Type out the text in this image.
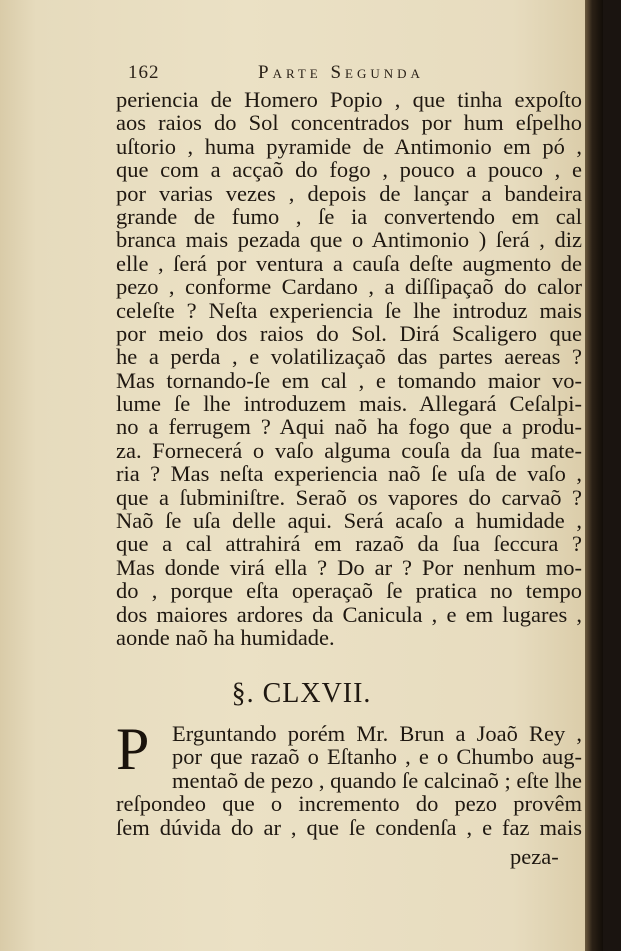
162	Parte Segunda
periencia de Homero Popio , que tinha expoſto
aos raios do Sol concentrados por hum eſpelho
uſtorio , huma pyramide de Antimonio em pó ,
que com a acçaõ do fogo , pouco a pouco , e
por varias vezes , depois de lançar a bandeira
grande de fumo , ſe ia convertendo em cal
branca mais pezada que o Antimonio ) ſerá , diz
elle , ſerá por ventura a cauſa deſte augmento de
pezo , conforme Cardano , a diſſipaçaõ do calor
celeſte ? Neſta experiencia ſe lhe introduz mais
por meio dos raios do Sol. Dirá Scaligero que
he a perda , e volatilizaçaõ das partes aereas ?
Mas tornando-ſe em cal , e tomando maior vo-
lume ſe lhe introduzem mais. Allegará Ceſalpi-
no a ferrugem ? Aqui naõ ha fogo que a produ-
za. Fornecerá o vaſo alguma couſa da ſua mate-
ria ? Mas neſta experiencia naõ ſe uſa de vaſo ,
que a ſubminiſtre. Seraõ os vapores do carvaõ ?
Naõ ſe uſa delle aqui. Será acaſo a humidade ,
que a cal attrahirá em razaõ da ſua ſeccura ?
Mas donde virá ella ? Do ar ? Por nenhum mo-
do , porque eſta operaçaõ ſe pratica no tempo
dos maiores ardores da Canicula , e em lugares ,
aonde naõ ha humidade.
§. CLXVII.
P	Erguntando porém Mr. Brun a Joaõ Rey ,
por que razaõ o Eſtanho , e o Chumbo aug-
mentaõ de pezo , quando ſe calcinaõ ; eſte lhe
reſpondeo que o incremento do pezo provêm
ſem dúvida do ar , que ſe condenſa , e faz mais
peza-
